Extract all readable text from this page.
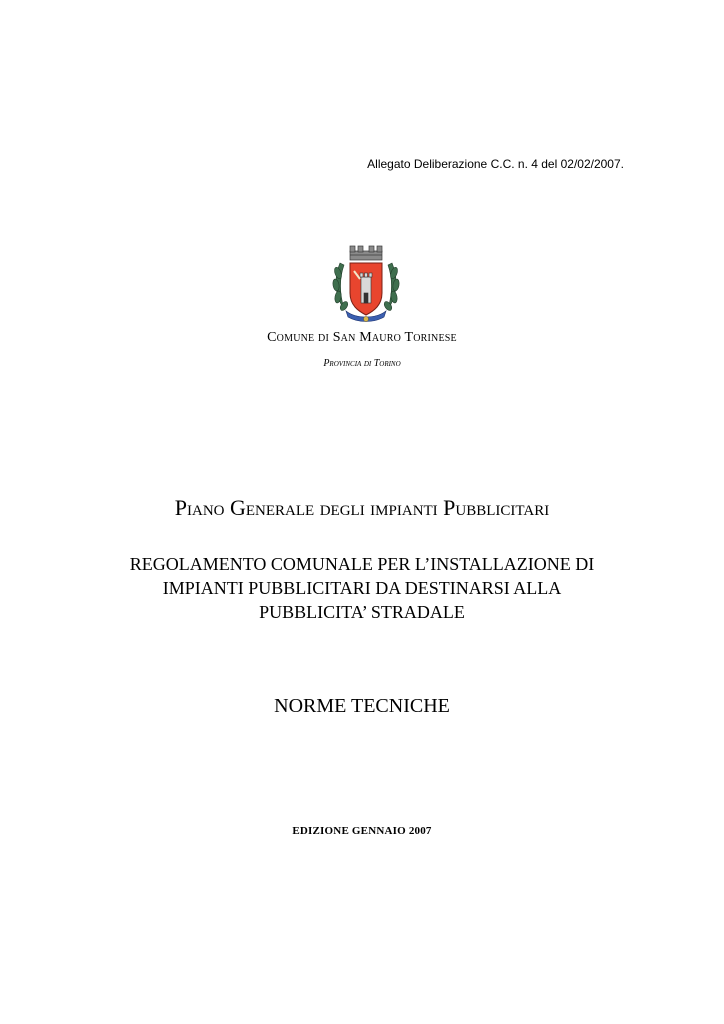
Allegato Deliberazione C.C. n. 4 del 02/02/2007.
Comune di San Mauro Torinese
Provincia di Torino
Piano Generale degli impianti Pubblicitari
REGOLAMENTO COMUNALE PER L’INSTALLAZIONE DI
IMPIANTI PUBBLICITARI DA DESTINARSI ALLA
PUBBLICITA’ STRADALE
NORME TECNICHE
EDIZIONE GENNAIO 2007
